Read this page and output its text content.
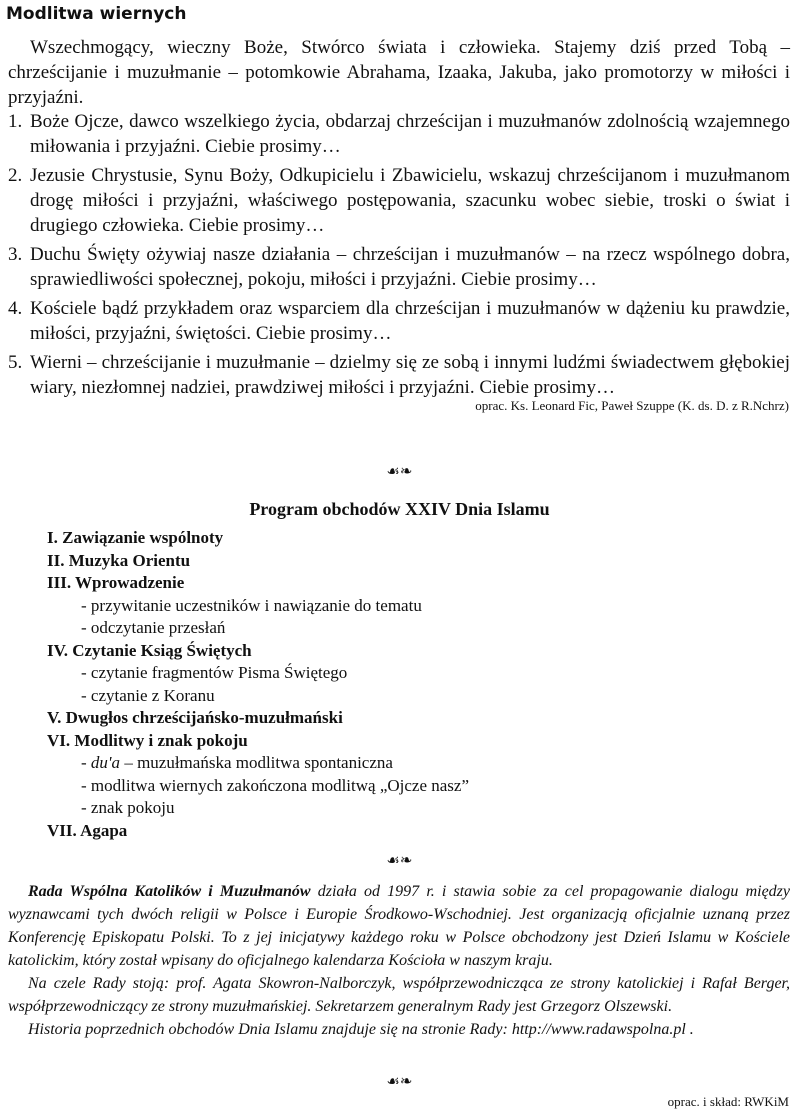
Modlitwa wiernych
Wszechmogący, wieczny Boże, Stwórco świata i człowieka. Stajemy dziś przed Tobą – chrześcijanie i muzułmanie – potomkowie Abrahama, Izaaka, Jakuba, jako promotorzy w miłości i przyjaźni.
1. Boże Ojcze, dawco wszelkiego życia, obdarzaj chrześcijan i muzułmanów zdolnością wzajemnego miłowania i przyjaźni. Ciebie prosimy…
2. Jezusie Chrystusie, Synu Boży, Odkupicielu i Zbawicielu, wskazuj chrześcijanom i muzułmanom drogę miłości i przyjaźni, właściwego postępowania, szacunku wobec siebie, troski o świat i drugiego człowieka. Ciebie prosimy…
3. Duchu Święty ożywiaj nasze działania – chrześcijan i muzułmanów – na rzecz wspólnego dobra, sprawiedliwości społecznej, pokoju, miłości i przyjaźni. Ciebie prosimy…
4. Kościele bądź przykładem oraz wsparciem dla chrześcijan i muzułmanów w dążeniu ku prawdzie, miłości, przyjaźni, świętości. Ciebie prosimy…
5. Wierni – chrześcijanie i muzułmanie – dzielmy się ze sobą i innymi ludźmi świadectwem głębokiej wiary, niezłomnej nadziei, prawdziwej miłości i przyjaźni. Ciebie prosimy…
oprac. Ks. Leonard Fic, Paweł Szuppe (K. ds. D. z R.Nchrz)
☙❧
Program obchodów XXIV Dnia Islamu
I. Zawiązanie wspólnoty
II. Muzyka Orientu
III. Wprowadzenie
- przywitanie uczestników i nawiązanie do tematu
- odczytanie przesłań
IV. Czytanie Ksiąg Świętych
- czytanie fragmentów Pisma Świętego
- czytanie z Koranu
V. Dwugłos chrześcijańsko-muzułmański
VI. Modlitwy i znak pokoju
- du'a – muzułmańska modlitwa spontaniczna
- modlitwa wiernych zakończona modlitwą „Ojcze nasz”
- znak pokoju
VII. Agapa
☙❧

Rada Wspólna Katolików i Muzułmanów działa od 1997 r. i stawia sobie za cel propagowanie dialogu między wyznawcami tych dwóch religii w Polsce i Europie Środkowo-Wschodniej. Jest organizacją oficjalnie uznaną przez Konferencję Episkopatu Polski. To z jej inicjatywy każdego roku w Polsce obchodzony jest Dzień Islamu w Kościele katolickim, który został wpisany do oficjalnego kalendarza Kościoła w naszym kraju.

Na czele Rady stoją: prof. Agata Skowron-Nalborczyk, współprzewodnicząca ze strony katolickiej i Rafał Berger, współprzewodniczący ze strony muzułmańskiej. Sekretarzem generalnym Rady jest Grzegorz Olszewski.

Historia poprzednich obchodów Dnia Islamu znajduje się na stronie Rady: http://www.radawspolna.pl .

☙❧
oprac. i skład: RWKiM
